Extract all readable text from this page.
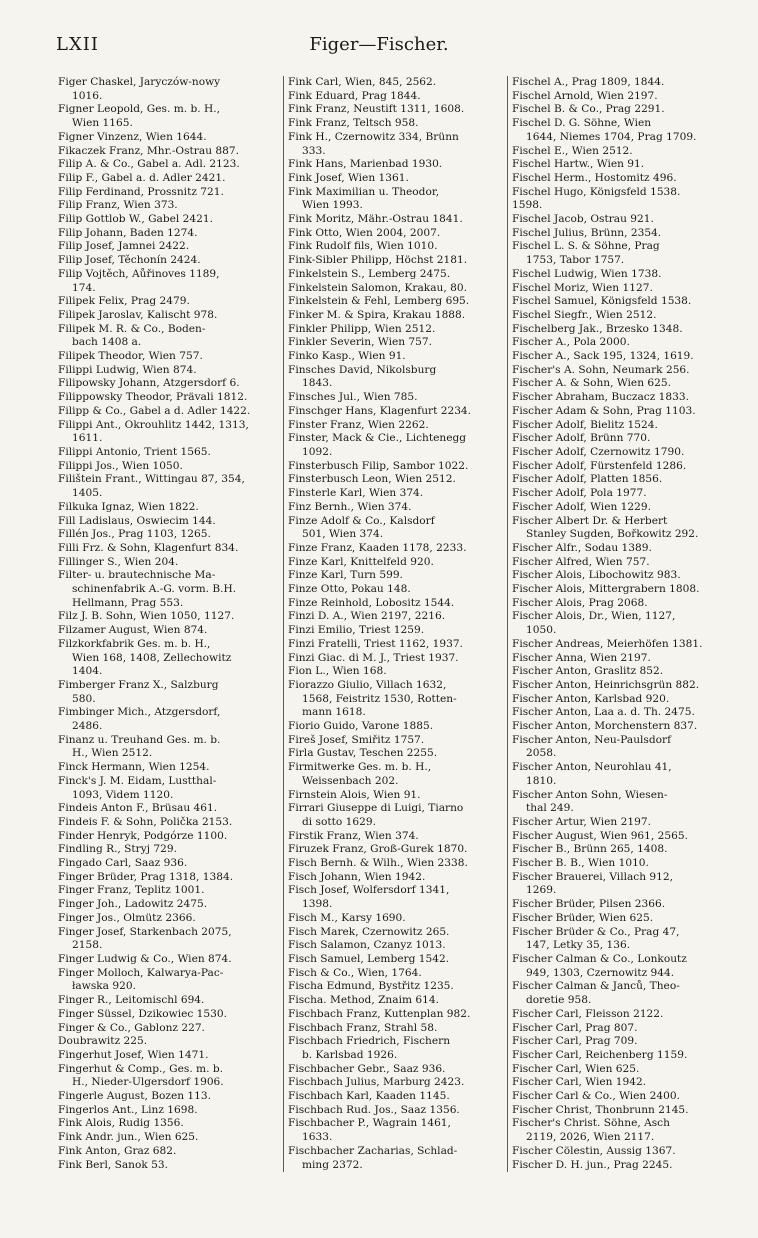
Figer—Fischer.
LXII
Figer Chaskel, Jaryczów-nowy
1016.
Figner Leopold, Ges. m. b. H.,
Wien 1165.
Figner Vinzenz, Wien 1644.
Fikaczek Franz, Mhr.-Ostrau 887.
Filip A. & Co., Gabel a. Adl. 2123.
Filip F., Gabel a. d. Adler 2421.
Filip Ferdinand, Prossnitz 721.
Filip Franz, Wien 373.
Filip Gottlob W., Gabel 2421.
Filip Johann, Baden 1274.
Filip Josef, Jamnei 2422.
Filip Josef, Těchonín 2424.
Filip Vojtěch, Aůřinoves 1189,
174.
Filipek Felix, Prag 2479.
Filipek Jaroslav, Kalischt 978.
Filipek M. R. & Co., Boden-
bach 1408 a.
Filipek Theodor, Wien 757.
Filippi Ludwig, Wien 874.
Filipowsky Johann, Atzgersdorf 6.
Filippowsky Theodor, Prävali 1812.
Filipp & Co., Gabel a d. Adler 1422.
Filippi Ant., Okrouhlitz 1442, 1313,
1611.
Filippi Antonio, Trient 1565.
Filippi Jos., Wien 1050.
Filištein Frant., Wittingau 87, 354,
1405.
Filkuka Ignaz, Wien 1822.
Fill Ladislaus, Oswiecim 144.
Fillén Jos., Prag 1103, 1265.
Filli Frz. & Sohn, Klagenfurt 834.
Fillinger S., Wien 204.
Filter- u. brautechnische Ma-
schinenfabrik A.-G. vorm. B.H.
Hellmann, Prag 553.
Filz J. B. Sohn, Wien 1050, 1127.
Filzamer August, Wien 874.
Filzkorkfabrik Ges. m. b. H.,
Wien 168, 1408, Zellechowitz
1404.
Fimberger Franz X., Salzburg
580.
Fimbinger Mich., Atzgersdorf,
2486.
Finanz u. Treuhand Ges. m. b.
H., Wien 2512.
Finck Hermann, Wien 1254.
Finck's J. M. Eidam, Lustthal-
1093, Videm 1120.
Findeis Anton F., Brüsau 461.
Findeis F. & Sohn, Polička 2153.
Finder Henryk, Podgórze 1100.
Findling R., Stryj 729.
Fingado Carl, Saaz 936.
Finger Brüder, Prag 1318, 1384.
Finger Franz, Teplitz 1001.
Finger Joh., Ladowitz 2475.
Finger Jos., Olmütz 2366.
Finger Josef, Starkenbach 2075,
2158.
Finger Ludwig & Co., Wien 874.
Finger Molloch, Kalwarya-Pac-
ławska 920.
Finger R., Leitomischl 694.
Finger Süssel, Dzikowiec 1530.
Finger & Co., Gablonz 227.
Doubrawitz 225.
Fingerhut Josef, Wien 1471.
Fingerhut & Comp., Ges. m. b.
H., Nieder-Ulgersdorf 1906.
Fingerle August, Bozen 113.
Fingerlos Ant., Linz 1698.
Fink Alois, Rudig 1356.
Fink Andr. jun., Wien 625.
Fink Anton, Graz 682.
Fink Berl, Sanok 53.
Fink Carl, Wien, 845, 2562.
Fink Eduard, Prag 1844.
Fink Franz, Neustift 1311, 1608.
Fink Franz, Teltsch 958.
Fink H., Czernowitz 334, Brünn
333.
Fink Hans, Marienbad 1930.
Fink Josef, Wien 1361.
Fink Maximilian u. Theodor,
Wien 1993.
Fink Moritz, Mähr.-Ostrau 1841.
Fink Otto, Wien 2004, 2007.
Fink Rudolf fils, Wien 1010.
Fink-Sibler Philipp, Höchst 2181.
Finkelstein S., Lemberg 2475.
Finkelstein Salomon, Krakau, 80.
Finkelstein & Fehl, Lemberg 695.
Finker M. & Spira, Krakau 1888.
Finkler Philipp, Wien 2512.
Finkler Severin, Wien 757.
Finko Kasp., Wien 91.
Finsches David, Nikolsburg
1843.
Finsches Jul., Wien 785.
Finschger Hans, Klagenfurt 2234.
Finster Franz, Wien 2262.
Finster, Mack & Cie., Lichtenegg
1092.
Finsterbusch Filip, Sambor 1022.
Finsterbusch Leon, Wien 2512.
Finsterle Karl, Wien 374.
Finz Bernh., Wien 374.
Finze Adolf & Co., Kalsdorf
501, Wien 374.
Finze Franz, Kaaden 1178, 2233.
Finze Karl, Knittelfeld 920.
Finze Karl, Turn 599.
Finze Otto, Pokau 148.
Finze Reinhold, Lobositz 1544.
Finzi D. A., Wien 2197, 2216.
Finzi Emilio, Triest 1259.
Finzi Fratelli, Triest 1162, 1937.
Finzi Giac. di M. J., Triest 1937.
Fion L., Wien 168.
Fiorazzo Giulio, Villach 1632,
1568, Feistritz 1530, Rotten-
mann 1618.
Fiorio Guido, Varone 1885.
Fireš Josef, Smiřitz 1757.
Firla Gustav, Teschen 2255.
Firmitwerke Ges. m. b. H.,
Weissenbach 202.
Firnstein Alois, Wien 91.
Firrari Giuseppe di Luigi, Tiarno
di sotto 1629.
Firstik Franz, Wien 374.
Firuzek Franz, Groß-Gurek 1870.
Fisch Bernh. & Wilh., Wien 2338.
Fisch Johann, Wien 1942.
Fisch Josef, Wolfersdorf 1341,
1398.
Fisch M., Karsy 1690.
Fisch Marek, Czernowitz 265.
Fisch Salamon, Czanyz 1013.
Fisch Samuel, Lemberg 1542.
Fisch & Co., Wien, 1764.
Fischa Edmund, Bystřitz 1235.
Fischa. Method, Znaim 614.
Fischbach Franz, Kuttenplan 982.
Fischbach Franz, Strahl 58.
Fischbach Friedrich, Fischern
b. Karlsbad 1926.
Fischbacher Gebr., Saaz 936.
Fischbach Julius, Marburg 2423.
Fischbach Karl, Kaaden 1145.
Fischbach Rud. Jos., Saaz 1356.
Fischbacher P., Wagrain 1461,
1633.
Fischbacher Zacharias, Schlad-
ming 2372.
Fischel A., Prag 1809, 1844.
Fischel Arnold, Wien 2197.
Fischel B. & Co., Prag 2291.
Fischel D. G. Söhne, Wien
1644, Niemes 1704, Prag 1709.
Fischel E., Wien 2512.
Fischel Hartw., Wien 91.
Fischel Herm., Hostomitz 496.
Fischel Hugo, Königsfeld 1538.
1598.
Fischel Jacob, Ostrau 921.
Fischel Julius, Brünn, 2354.
Fischel L. S. & Söhne, Prag
1753, Tabor 1757.
Fischel Ludwig, Wien 1738.
Fischel Moriz, Wien 1127.
Fischel Samuel, Königsfeld 1538.
Fischel Siegfr., Wien 2512.
Fischelberg Jak., Brzesko 1348.
Fischer A., Pola 2000.
Fischer A., Sack 195, 1324, 1619.
Fischer's A. Sohn, Neumark 256.
Fischer A. & Sohn, Wien 625.
Fischer Abraham, Buczacz 1833.
Fischer Adam & Sohn, Prag 1103.
Fischer Adolf, Bielitz 1524.
Fischer Adolf, Brünn 770.
Fischer Adolf, Czernowitz 1790.
Fischer Adolf, Fürstenfeld 1286.
Fischer Adolf, Platten 1856.
Fischer Adolf, Pola 1977.
Fischer Adolf, Wien 1229.
Fischer Albert Dr. & Herbert
Stanley Sugden, Bořkowitz 292.
Fischer Alfr., Sodau 1389.
Fischer Alfred, Wien 757.
Fischer Alois, Libochowitz 983.
Fischer Alois, Mittergrabern 1808.
Fischer Alois, Prag 2068.
Fischer Alois, Dr., Wien, 1127,
1050.
Fischer Andreas, Meierhöfen 1381.
Fischer Anna, Wien 2197.
Fischer Anton, Graslitz 852.
Fischer Anton, Heinrichsgrün 882.
Fischer Anton, Karlsbad 920.
Fischer Anton, Laa a. d. Th. 2475.
Fischer Anton, Morchenstern 837.
Fischer Anton, Neu-Paulsdorf
2058.
Fischer Anton, Neurohlau 41,
1810.
Fischer Anton Sohn, Wiesen-
thal 249.
Fischer Artur, Wien 2197.
Fischer August, Wien 961, 2565.
Fischer B., Brünn 265, 1408.
Fischer B. B., Wien 1010.
Fischer Brauerei, Villach 912,
1269.
Fischer Brüder, Pilsen 2366.
Fischer Brüder, Wien 625.
Fischer Brüder & Co., Prag 47,
147, Letky 35, 136.
Fischer Calman & Co., Lonkoutz
949, 1303, Czernowitz 944.
Fischer Calman & Janců, Theo-
doretie 958.
Fischer Carl, Fleisson 2122.
Fischer Carl, Prag 807.
Fischer Carl, Prag 709.
Fischer Carl, Reichenberg 1159.
Fischer Carl, Wien 625.
Fischer Carl, Wien 1942.
Fischer Carl & Co., Wien 2400.
Fischer Christ, Thonbrunn 2145.
Fischer's Christ. Söhne, Asch
2119, 2026, Wien 2117.
Fischer Cölestin, Aussig 1367.
Fischer D. H. jun., Prag 2245.
